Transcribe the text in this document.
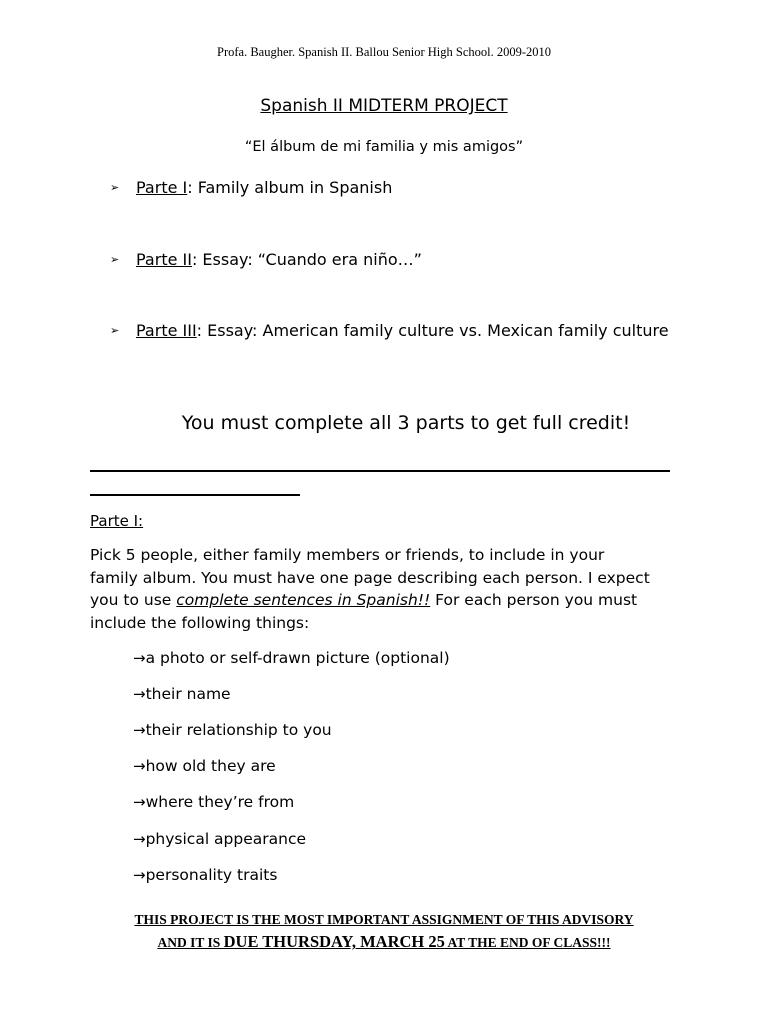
Profa. Baugher. Spanish II. Ballou Senior High School. 2009-2010
Spanish II MIDTERM PROJECT
“El álbum de mi familia y mis amigos”
➢ Parte I: Family album in Spanish
➢ Parte II: Essay: “Cuando era niño…”
➢ Parte III: Essay: American family culture vs. Mexican family culture
You must complete all 3 parts to get full credit!
Parte I:
Pick 5 people, either family members or friends, to include in your family album. You must have one page describing each person. I expect you to use complete sentences in Spanish!! For each person you must include the following things:
→a photo or self-drawn picture (optional)
→their name
→their relationship to you
→how old they are
→where they’re from
→physical appearance
→personality traits
THIS PROJECT IS THE MOST IMPORTANT ASSIGNMENT OF THIS ADVISORY
AND IT IS DUE THURSDAY, MARCH 25 AT THE END OF CLASS!!!
